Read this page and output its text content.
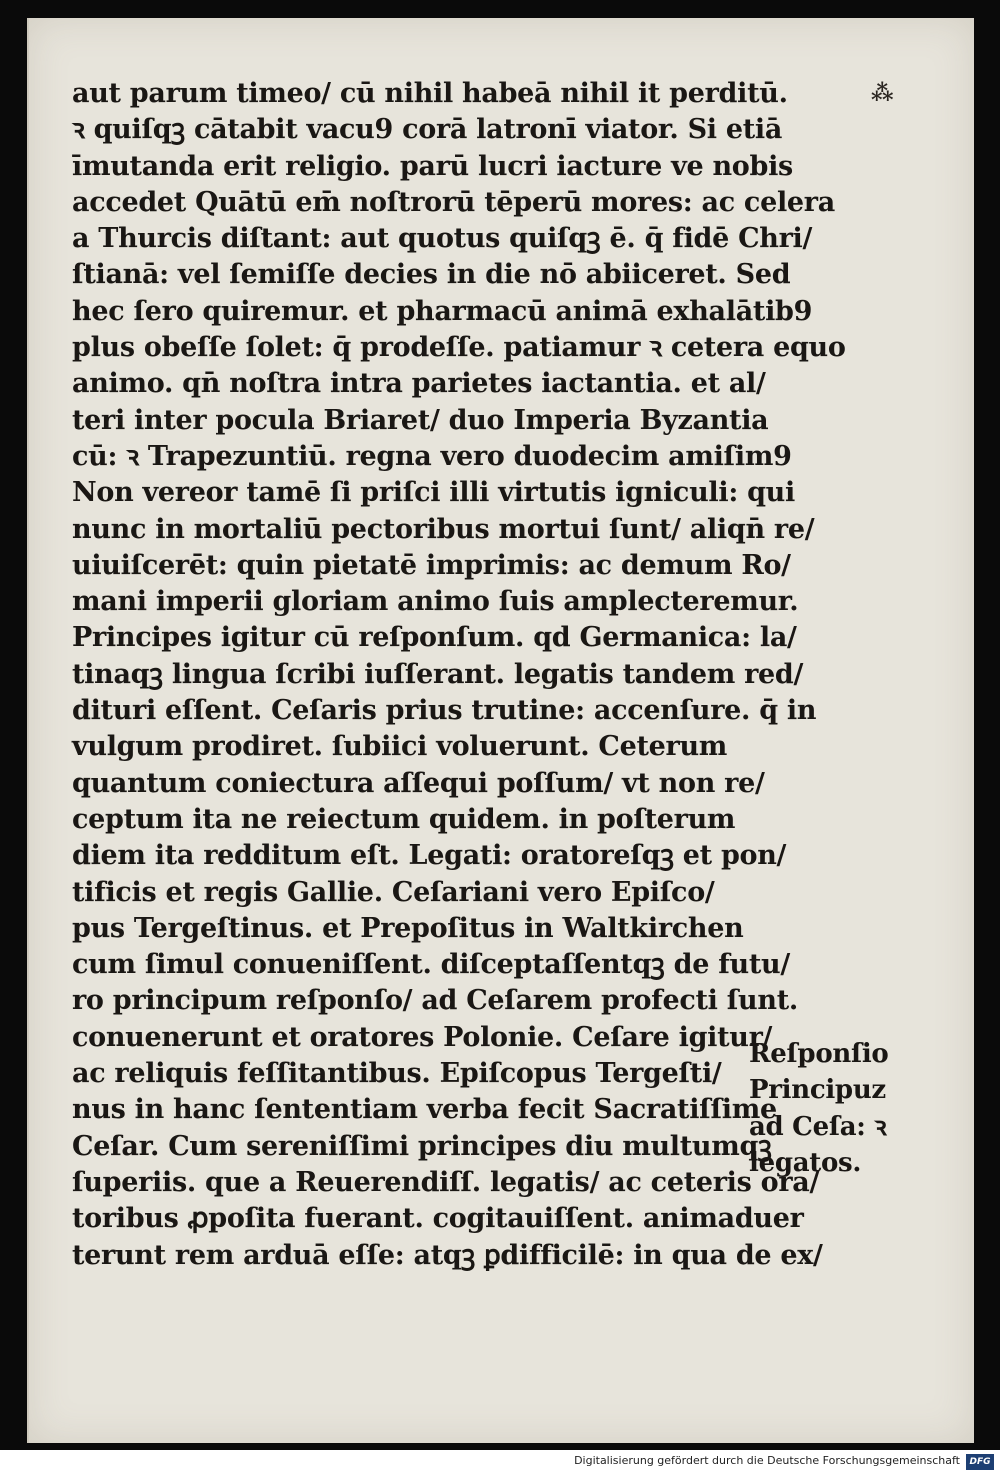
⁂
aut parum timeo/ cū nihil habeā nihil it perditū.
ꝛ quiſqꝫ cātabit vacu9 corā latronī viator. Si etiā
īmutanda erit religio. parū lucri iacture ve nobis
accedet Quātū em̄ noſtrorū tēperū mores: ac celera
a Thurcis diſtant: aut quotus quiſqꝫ ē. q̄ fidē Chri/
ſtianā: vel ſemiſſe decies in die nō abiiceret. Sed
hec ſero quiremur. et pharmacū animā exhalātib9
plus obeſſe ſolet: q̄ prodeſſe. patiamur ꝛ cetera equo
animo. qn̄ noſtra intra parietes iactantia. et al/
teri inter pocula Briaret/ duo Imperia Byzantia
cū: ꝛ Trapezuntiū. regna vero duodecim amiſim9
Non vereor tamē ſi priſci illi virtutis igniculi: qui
nunc in mortaliū pectoribus mortui ſunt/ aliqn̄ re/
uiuiſcerēt: quin pietatē imprimis: ac demum Ro/
mani imperii gloriam animo ſuis amplecteremur.
Principes igitur cū reſponſum. qd Germanica: la/
tinaqꝫ lingua ſcribi iuſſerant. legatis tandem red/
dituri eſſent. Ceſaris prius trutine: accenſure. q̄ in
vulgum prodiret. ſubiici voluerunt. Ceterum
quantum coniectura aſſequi poſſum/ vt non re/
ceptum ita ne reiectum quidem. in poſterum
diem ita redditum eſt. Legati: oratoreſqꝫ et pon/
tificis et regis Gallie. Ceſariani vero Epiſco/
pus Tergeſtinus. et Prepoſitus in Waltkirchen
cum ſimul conueniſſent. diſceptaſſentqꝫ de futu/
ro principum reſponſo/ ad Ceſarem profecti ſunt.
conuenerunt et oratores Polonie. Ceſare igitur/
ac reliquis feſſitantibus. Epiſcopus Tergeſti/
nus in hanc ſententiam verba fecit Sacratiſſime
Ceſar. Cum sereniſſimi principes diu multumqꝫ
ſuperiis. que a Reuerendiſſ. legatis/ ac ceteris ora/
toribus ꝓpoſita fuerant. cogitauiſſent. animaduer
terunt rem arduā eſſe: atqꝫ ꝑdifficilē: in qua de ex/
Reſponſio
Principuz
ad Ceſa: ꝛ
legatos.
Digitalisierung gefördert durch die Deutsche Forschungsgemeinschaft	DFG
